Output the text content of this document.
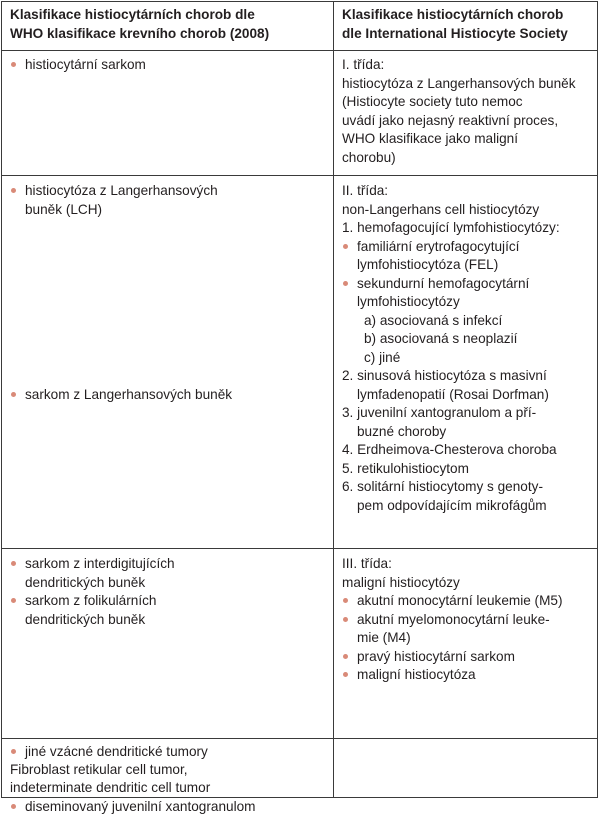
Klasifikace histiocytárních chorob dle
WHO klasifikace krevního chorob (2008)
Klasifikace histiocytárních chorob
dle International Histiocyte Society
histiocytární sarkom	I. třída:
histiocytóza z Langerhansových buněk
(Histiocyte society tuto nemoc
uvádí jako nejasný reaktivní proces,
WHO klasifikace jako maligní
chorobu)
histiocytóza z Langerhansových
buněk (LCH)
sarkom z Langerhansových buněk
II. třída:
non-Langerhans cell histiocytózy
1. hemofagocující lymfohistiocytózy:
familiární erytrofagocytující
lymfohistiocytóza (FEL)
sekundurní hemofagocytární
lymfohistiocytózy
a) asociovaná s infekcí
b) asociovaná s neoplazií
c) jiné
2. sinusová histiocytóza s masivní
lymfadenopatií (Rosai Dorfman)
3. juvenilní xantogranulom a pří-
buzné choroby
4. Erdheimova-Chesterova choroba
5. retikulohistiocytom
6. solitární histiocytomy s genoty-
pem odpovídajícím mikrofágům
sarkom z interdigitujících
dendritických buněk
sarkom z folikulárních
dendritických buněk
III. třída:
maligní histiocytózy
akutní monocytární leukemie (M5)
akutní myelomonocytární leuke-
mie (M4)
pravý histiocytární sarkom
maligní histiocytóza
jiné vzácné dendritické tumory
Fibroblast retikular cell tumor,
indeterminate dendritic cell tumor
diseminovaný juvenilní xantogranulom
